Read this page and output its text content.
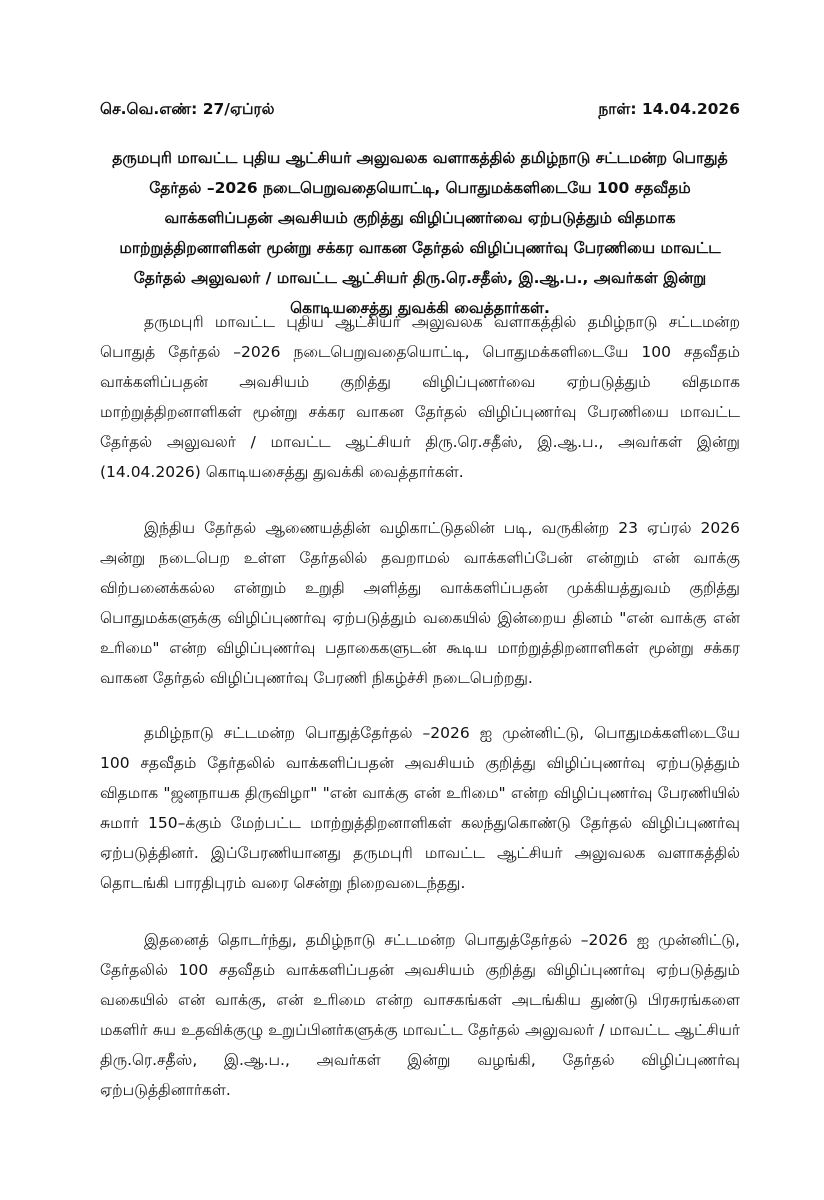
செ.வெ.எண்: 27/ஏப்ரல்	நாள்: 14.04.2026

தருமபுரி மாவட்ட புதிய ஆட்சியர் அலுவலக வளாகத்தில் தமிழ்நாடு சட்டமன்ற பொதுத் தேர்தல் –2026 நடைபெறுவதையொட்டி, பொதுமக்களிடையே 100 சதவீதம் வாக்களிப்பதன் அவசியம் குறித்து விழிப்புணர்வை ஏற்படுத்தும் விதமாக மாற்றுத்திறனாளிகள் மூன்று சக்கர வாகன தேர்தல் விழிப்புணர்வு பேரணியை மாவட்ட தேர்தல் அலுவலர் / மாவட்ட ஆட்சியர் திரு.ரெ.சதீஸ், இ.ஆ.ப., அவர்கள் இன்று கொடியசைத்து துவக்கி வைத்தார்கள்.

தருமபுரி மாவட்ட புதிய ஆட்சியர் அலுவலக வளாகத்தில் தமிழ்நாடு சட்டமன்ற பொதுத் தேர்தல் –2026 நடைபெறுவதையொட்டி, பொதுமக்களிடையே 100 சதவீதம் வாக்களிப்பதன் அவசியம் குறித்து விழிப்புணர்வை ஏற்படுத்தும் விதமாக மாற்றுத்திறனாளிகள் மூன்று சக்கர வாகன தேர்தல் விழிப்புணர்வு பேரணியை மாவட்ட தேர்தல் அலுவலர் / மாவட்ட ஆட்சியர் திரு.ரெ.சதீஸ், இ.ஆ.ப., அவர்கள் இன்று (14.04.2026) கொடியசைத்து துவக்கி வைத்தார்கள்.

இந்திய தேர்தல் ஆணையத்தின் வழிகாட்டுதலின் படி, வருகின்ற 23 ஏப்ரல் 2026 அன்று நடைபெற உள்ள தேர்தலில் தவறாமல் வாக்களிப்பேன் என்றும் என் வாக்கு விற்பனைக்கல்ல என்றும் உறுதி அளித்து வாக்களிப்பதன் முக்கியத்துவம் குறித்து பொதுமக்களுக்கு விழிப்புணர்வு ஏற்படுத்தும் வகையில் இன்றைய தினம் "என் வாக்கு என் உரிமை" என்ற விழிப்புணர்வு பதாகைகளுடன் கூடிய மாற்றுத்திறனாளிகள் மூன்று சக்கர வாகன தேர்தல் விழிப்புணர்வு பேரணி நிகழ்ச்சி நடைபெற்றது.

தமிழ்நாடு சட்டமன்ற பொதுத்தேர்தல் –2026 ஐ முன்னிட்டு, பொதுமக்களிடையே 100 சதவீதம் தேர்தலில் வாக்களிப்பதன் அவசியம் குறித்து விழிப்புணர்வு ஏற்படுத்தும் விதமாக "ஜனநாயக திருவிழா" "என் வாக்கு என் உரிமை" என்ற விழிப்புணர்வு பேரணியில் சுமார் 150–க்கும் மேற்பட்ட மாற்றுத்திறனாளிகள் கலந்துகொண்டு தேர்தல் விழிப்புணர்வு ஏற்படுத்தினர். இப்பேரணியானது தருமபுரி மாவட்ட ஆட்சியர் அலுவலக வளாகத்தில் தொடங்கி பாரதிபுரம் வரை சென்று நிறைவடைந்தது.

இதனைத் தொடர்ந்து, தமிழ்நாடு சட்டமன்ற பொதுத்தேர்தல் –2026 ஐ முன்னிட்டு, தேர்தலில் 100 சதவீதம் வாக்களிப்பதன் அவசியம் குறித்து விழிப்புணர்வு ஏற்படுத்தும் வகையில் என் வாக்கு, என் உரிமை என்ற வாசகங்கள் அடங்கிய துண்டு பிரசுரங்களை மகளிர் சுய உதவிக்குழு உறுப்பினர்களுக்கு மாவட்ட தேர்தல் அலுவலர் / மாவட்ட ஆட்சியர் திரு.ரெ.சதீஸ், இ.ஆ.ப., அவர்கள் இன்று வழங்கி, தேர்தல் விழிப்புணர்வு ஏற்படுத்தினார்கள்.
